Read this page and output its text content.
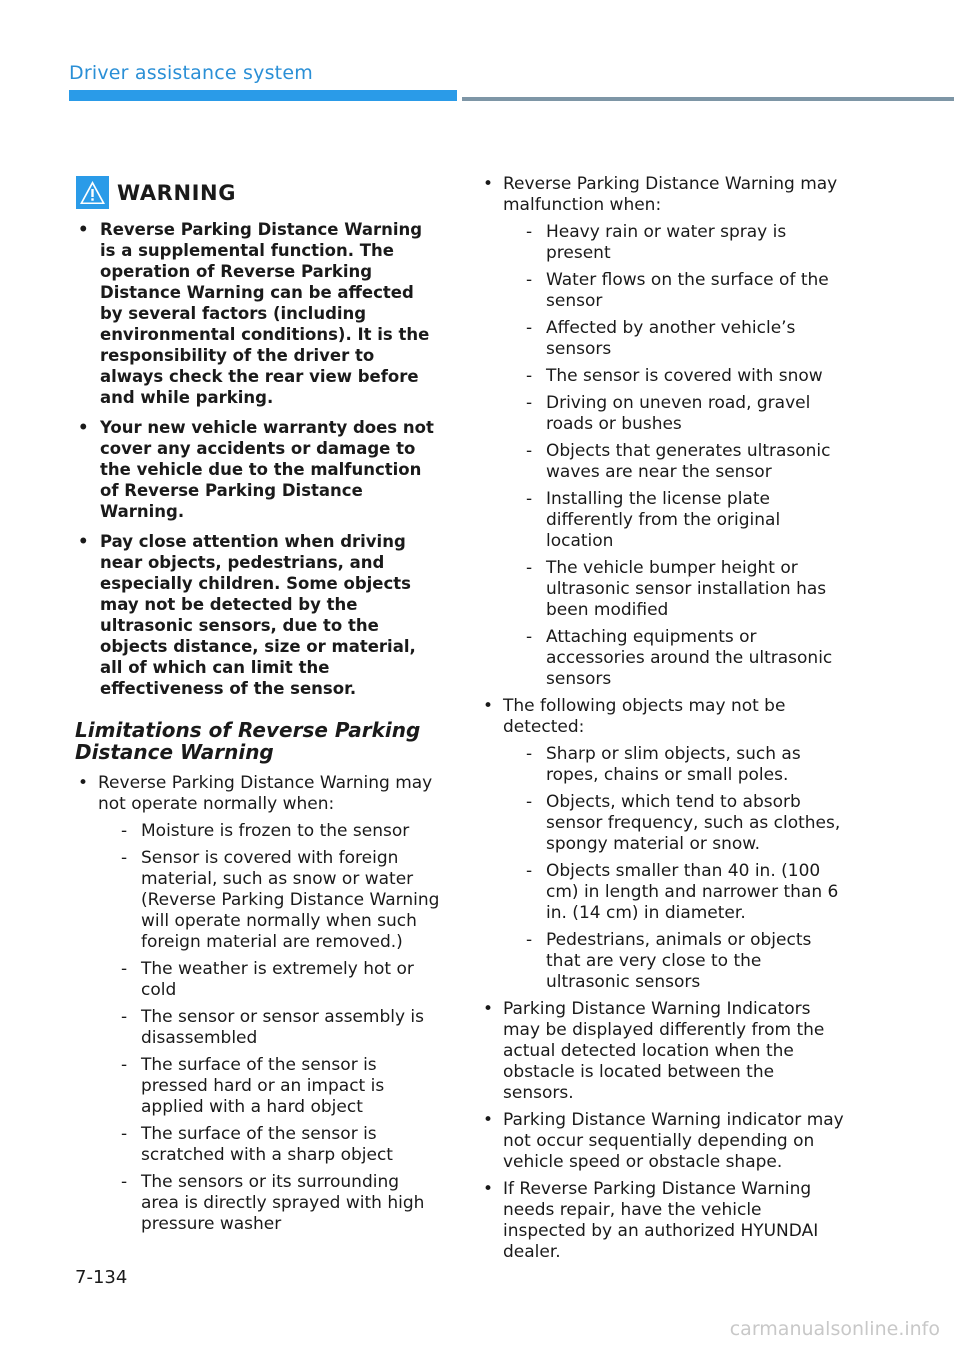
Driver assistance system
WARNING
• Reverse Parking Distance Warning is a supplemental function. The operation of Reverse Parking Distance Warning can be affected by several factors (including environmental conditions). It is the responsibility of the driver to always check the rear view before and while parking.
• Your new vehicle warranty does not cover any accidents or damage to the vehicle due to the malfunction of Reverse Parking Distance Warning.
• Pay close attention when driving near objects, pedestrians, and especially children. Some objects may not be detected by the ultrasonic sensors, due to the objects distance, size or material, all of which can limit the effectiveness of the sensor.
Limitations of Reverse Parking Distance Warning
• Reverse Parking Distance Warning may not operate normally when:
- Moisture is frozen to the sensor
- Sensor is covered with foreign material, such as snow or water (Reverse Parking Distance Warning will operate normally when such foreign material are removed.)
- The weather is extremely hot or cold
- The sensor or sensor assembly is disassembled
- The surface of the sensor is pressed hard or an impact is applied with a hard object
- The surface of the sensor is scratched with a sharp object
- The sensors or its surrounding area is directly sprayed with high pressure washer
• Reverse Parking Distance Warning may malfunction when:
- Heavy rain or water spray is present
- Water flows on the surface of the sensor
- Affected by another vehicle’s sensors
- The sensor is covered with snow
- Driving on uneven road, gravel roads or bushes
- Objects that generates ultrasonic waves are near the sensor
- Installing the license plate differently from the original location
- The vehicle bumper height or ultrasonic sensor installation has been modified
- Attaching equipments or accessories around the ultrasonic sensors
• The following objects may not be detected:
- Sharp or slim objects, such as ropes, chains or small poles.
- Objects, which tend to absorb sensor frequency, such as clothes, spongy material or snow.
- Objects smaller than 40 in. (100 cm) in length and narrower than 6 in. (14 cm) in diameter.
- Pedestrians, animals or objects that are very close to the ultrasonic sensors
• Parking Distance Warning Indicators may be displayed differently from the actual detected location when the obstacle is located between the sensors.
• Parking Distance Warning indicator may not occur sequentially depending on vehicle speed or obstacle shape.
• If Reverse Parking Distance Warning needs repair, have the vehicle inspected by an authorized HYUNDAI dealer.
7-134
carmanualsonline.info
